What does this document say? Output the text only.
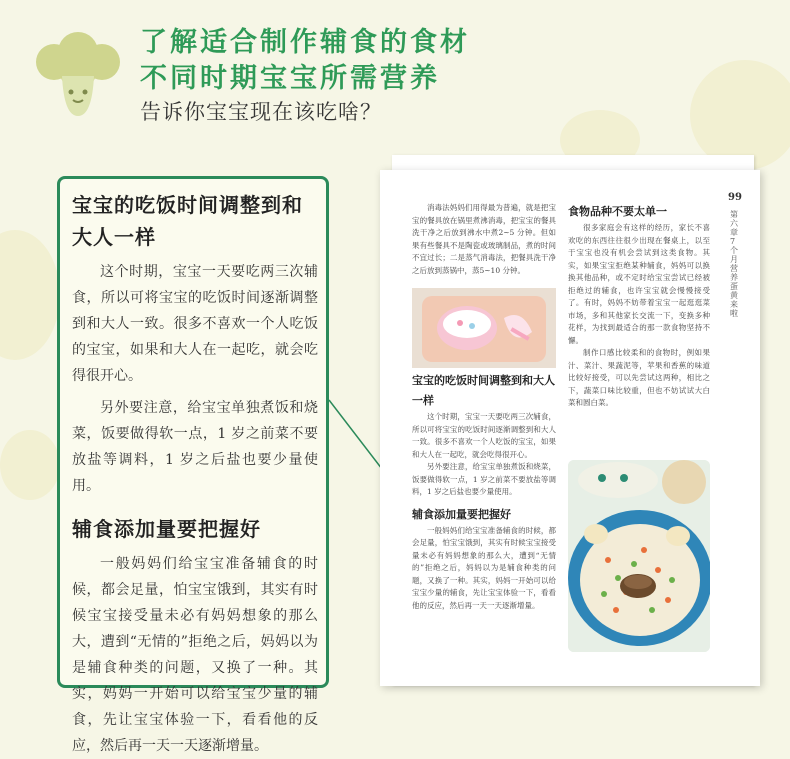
了解适合制作辅食的食材
不同时期宝宝所需营养
告诉你宝宝现在该吃啥？
宝宝的吃饭时间调整到和大人一样

这个时期，宝宝一天要吃两三次辅食，所以可将宝宝的吃饭时间逐渐调整到和大人一致。很多不喜欢一个人吃饭的宝宝，如果和大人在一起吃，就会吃得很开心。

另外要注意，给宝宝单独煮饭和烧菜，饭要做得软一点，1 岁之前菜不要放盐等调料，1 岁之后盐也要少量使用。

辅食添加量要把握好

一般妈妈们给宝宝准备辅食的时候，都会足量，怕宝宝饿到，其实有时候宝宝接受量未必有妈妈想象的那么大，遭到“无情的”拒绝之后，妈妈以为是辅食种类的问题，又换了一种。其实，妈妈一开始可以给宝宝少量的辅食，先让宝宝体验一下，看看他的反应，然后再一天一天逐渐增量。

99
第六章 7个月 营养蛋黄来啦

消毒法妈妈们用得最为普遍，就是把宝宝的餐具放在锅里煮沸消毒，把宝宝的餐具洗干净之后放到沸水中煮2~5 分钟。但如果有些餐具不是陶瓷或玻璃制品，煮的时间不宜过长；二是蒸气消毒法，把餐具洗干净之后放到蒸锅中，蒸5~10 分钟。

宝宝的吃饭时间调整到和大人一样

这个时期，宝宝一天要吃两三次辅食，所以可将宝宝的吃饭时间逐渐调整到和大人一致。很多不喜欢一个人吃饭的宝宝，如果和大人在一起吃，就会吃得很开心。

另外要注意，给宝宝单独煮饭和烧菜，饭要做得软一点，1 岁之前菜不要放盐等调料，1 岁之后盐也要少量使用。

辅食添加量要把握好

一般妈妈们给宝宝准备辅食的时候，都会足量，怕宝宝饿到，其实有时候宝宝接受量未必有妈妈想象的那么大，遭到“无情的”拒绝之后，妈妈以为是辅食种类的问题，又换了一种。其实，妈妈一开始可以给宝宝少量的辅食，先让宝宝体验一下，看看他的反应，然后再一天一天逐渐增量。

食物品种不要太单一

很多家庭会有这样的经历，家长不喜欢吃的东西往往很少出现在餐桌上，以至于宝宝也没有机会尝试到这类食物。其实，如果宝宝拒绝某种辅食，妈妈可以换换其他品种，或不定时给宝宝尝试已经被拒绝过的辅食，也许宝宝就会慢慢接受了。有时，妈妈不妨带着宝宝一起逛逛菜市场，多和其他家长交流一下，变换多种花样，为找到最适合的那一款食物坚持不懈。

制作口感比较柔和的食物时，例如果汁、菜汁、果蔬泥等，苹果和香蕉的味道比较好接受，可以先尝试这两种，相比之下，蔬菜口味比较重，但也不妨试试大白菜和圆白菜。
